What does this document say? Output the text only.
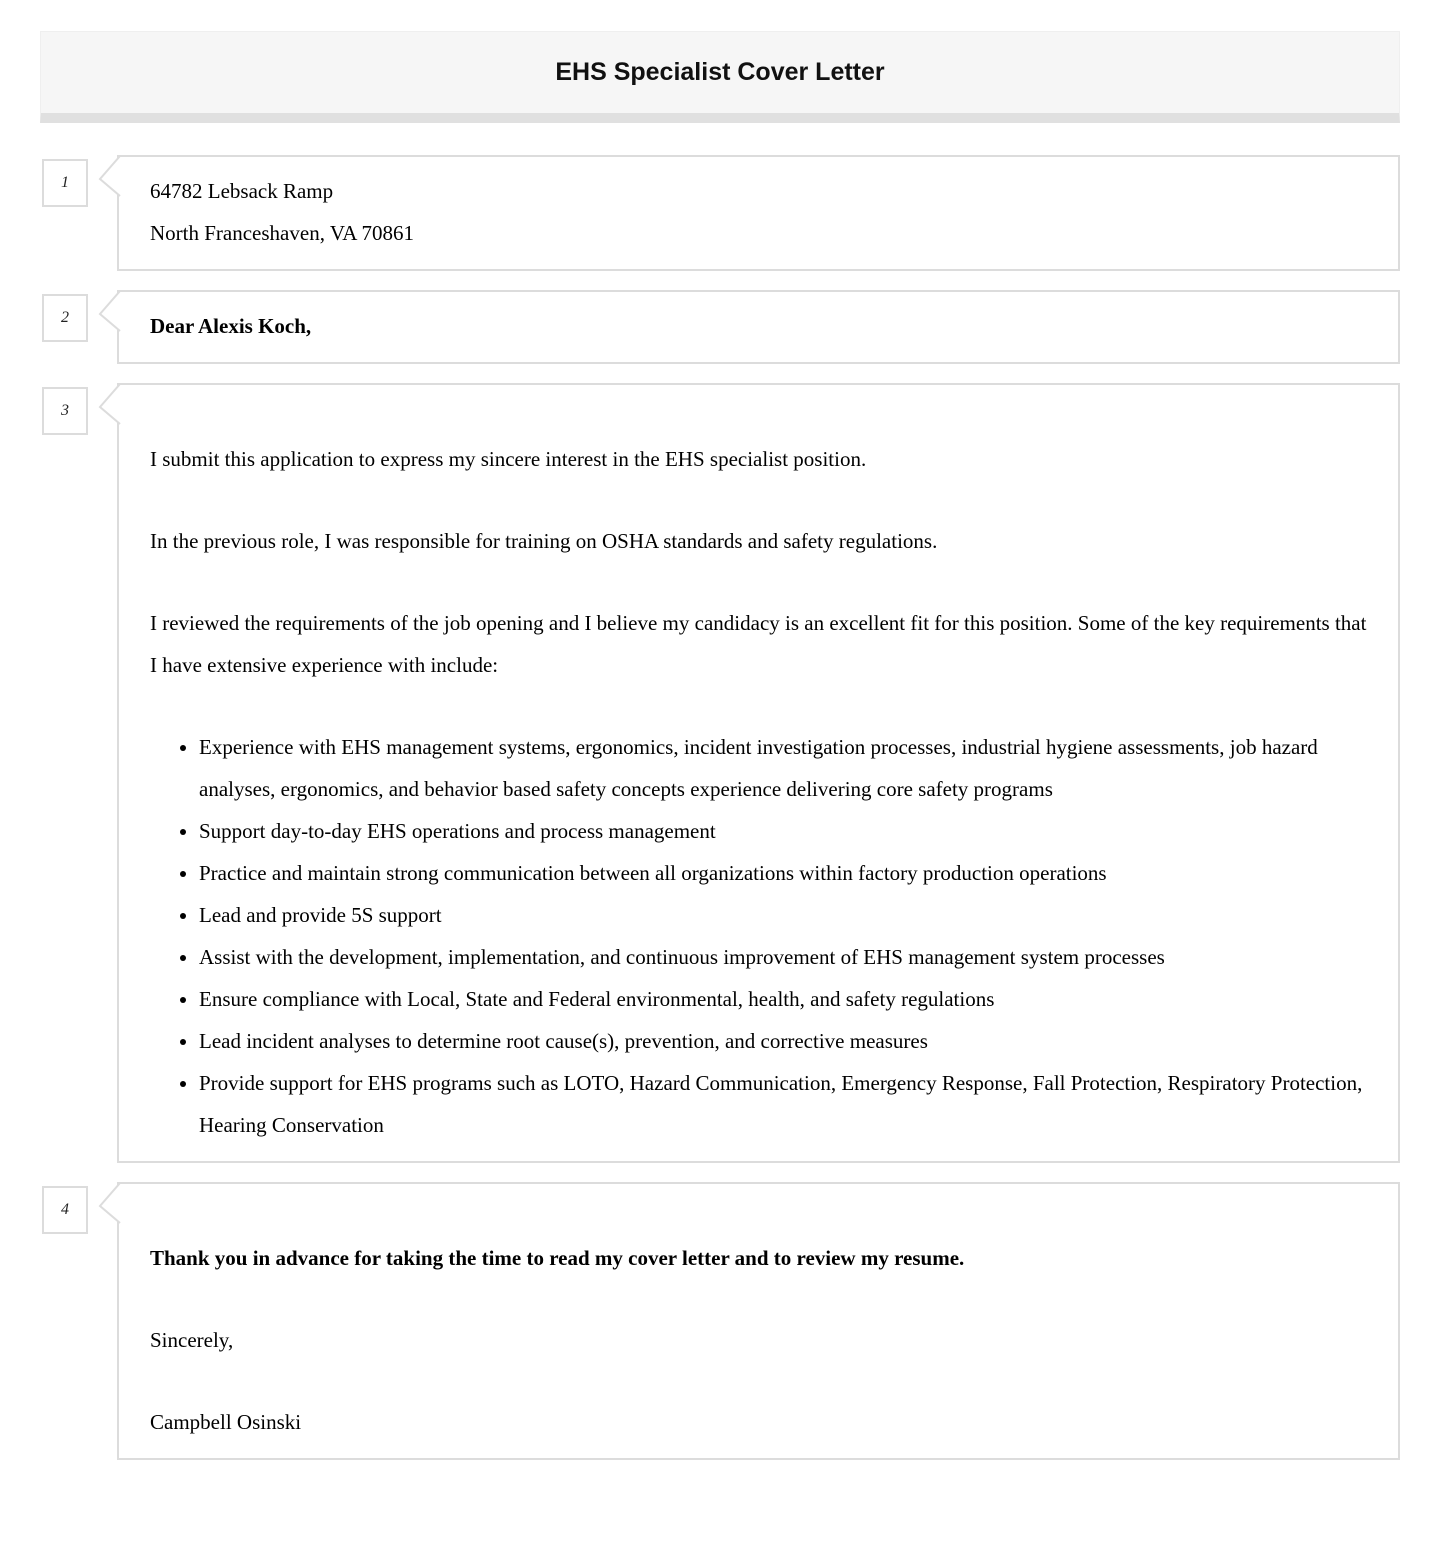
EHS Specialist Cover Letter
1	64782 Lebsack Ramp

North Franceshaven, VA 70861

2	Dear Alexis Koch,

3

I submit this application to express my sincere interest in the EHS specialist position.

In the previous role, I was responsible for training on OSHA standards and safety regulations.

I reviewed the requirements of the job opening and I believe my candidacy is an excellent fit for this position. Some of the key requirements that I have extensive experience with include:

• Experience with EHS management systems, ergonomics, incident investigation processes, industrial hygiene assessments, job hazard analyses, ergonomics, and behavior based safety concepts experience delivering core safety programs
• Support day-to-day EHS operations and process management
• Practice and maintain strong communication between all organizations within factory production operations
• Lead and provide 5S support
• Assist with the development, implementation, and continuous improvement of EHS management system processes
• Ensure compliance with Local, State and Federal environmental, health, and safety regulations
• Lead incident analyses to determine root cause(s), prevention, and corrective measures
• Provide support for EHS programs such as LOTO, Hazard Communication, Emergency Response, Fall Protection, Respiratory Protection, Hearing Conservation
4

Thank you in advance for taking the time to read my cover letter and to review my resume.

Sincerely,

Campbell Osinski
